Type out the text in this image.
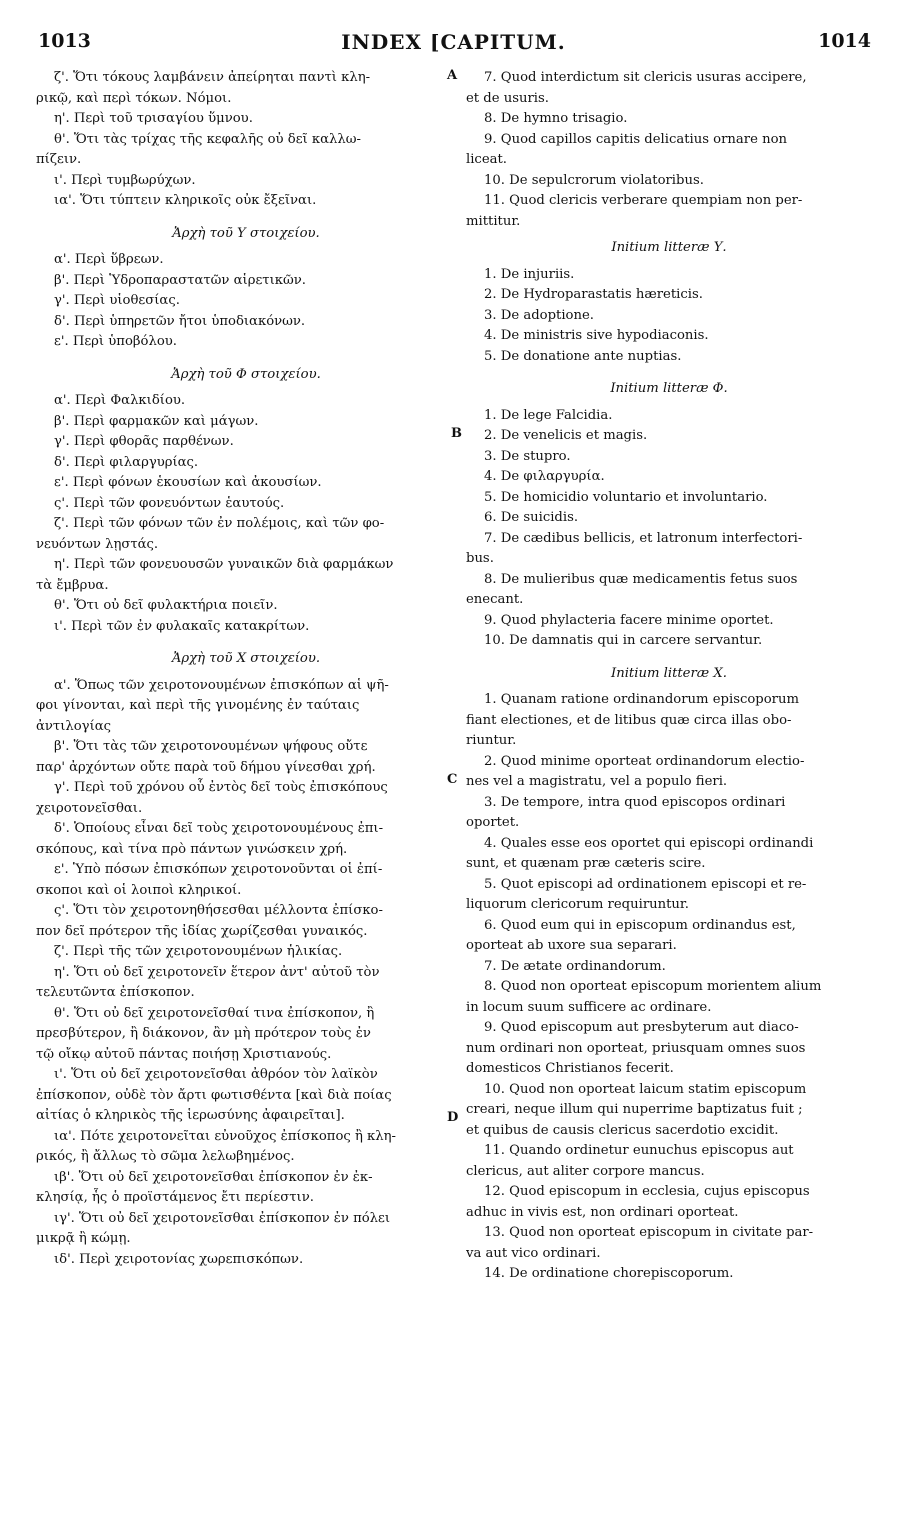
1013	INDEX [CAPITUM.	1014
A
B
C
D
ζ'. Ὅτι τόκους λαμβάνειν ἀπείρηται παντὶ κλη-
ρικῷ, καὶ περὶ τόκων. Νόμοι.
η'. Περὶ τοῦ τρισαγίου ὕμνου.
θ'. Ὅτι τὰς τρίχας τῆς κεφαλῆς οὐ δεῖ καλλω-
πίζειν.
ι'. Περὶ τυμβωρύχων.
ια'. Ὅτι τύπτειν κληρικοῖς οὐκ ἔξεῖναι.
Ἀρχὴ τοῦ Υ στοιχείου.
α'. Περὶ ὕβρεων.
β'. Περὶ Ὑδροπαραστατῶν αἱρετικῶν.
γ'. Περὶ υἱοθεσίας.
δ'. Περὶ ὑπηρετῶν ἤτοι ὑποδιακόνων.
ε'. Περὶ ὑποβόλου.
Ἀρχὴ τοῦ Φ στοιχείου.
α'. Περὶ Φαλκιδίου.
β'. Περὶ φαρμακῶν καὶ μάγων.
γ'. Περὶ φθορᾶς παρθένων.
δ'. Περὶ φιλαργυρίας.
ε'. Περὶ φόνων ἑκουσίων καὶ ἀκουσίων.
ς'. Περὶ τῶν φονευόντων ἑαυτούς.
ζ'. Περὶ τῶν φόνων τῶν ἐν πολέμοις, καὶ τῶν φο-
νευόντων λῃστάς.
η'. Περὶ τῶν φονευουσῶν γυναικῶν διὰ φαρμάκων
τὰ ἔμβρυα.
θ'. Ὅτι οὐ δεῖ φυλακτήρια ποιεῖν.
ι'. Περὶ τῶν ἐν φυλακαῖς κατακρίτων.
Ἀρχὴ τοῦ Χ στοιχείου.
α'. Ὅπως τῶν χειροτονουμένων ἐπισκόπων αἱ ψῆ-
φοι γίνονται, καὶ περὶ τῆς γινομένης ἐν ταύταις
ἀντιλογίας
β'. Ὅτι τὰς τῶν χειροτονουμένων ψήφους οὔτε
παρ' ἀρχόντων οὔτε παρὰ τοῦ δήμου γίνεσθαι χρή.
γ'. Περὶ τοῦ χρόνου οὗ ἐντὸς δεῖ τοὺς ἐπισκόπους
χειροτονεῖσθαι.
δ'. Ὁποίους εἶναι δεῖ τοὺς χειροτονουμένους ἐπι-
σκόπους, καὶ τίνα πρὸ πάντων γινώσκειν χρή.
ε'. Ὑπὸ πόσων ἐπισκόπων χειροτονοῦνται οἱ ἐπί-
σκοποι καὶ οἱ λοιποὶ κληρικοί.
ς'. Ὅτι τὸν χειροτονηθήσεσθαι μέλλοντα ἐπίσκο-
πον δεῖ πρότερον τῆς ἰδίας χωρίζεσθαι γυναικός.
ζ'. Περὶ τῆς τῶν χειροτονουμένων ἡλικίας.
η'. Ὅτι οὐ δεῖ χειροτονεῖν ἕτερον ἀντ' αὐτοῦ τὸν
τελευτῶντα ἐπίσκοπον.
θ'. Ὅτι οὐ δεῖ χειροτονεῖσθαί τινα ἐπίσκοπον, ἢ
πρεσβύτερον, ἢ διάκονον, ἂν μὴ πρότερον τοὺς ἐν
τῷ οἴκῳ αὐτοῦ πάντας ποιήσῃ Χριστιανούς.
ι'. Ὅτι οὐ δεῖ χειροτονεῖσθαι ἀθρόον τὸν λαϊκὸν
ἐπίσκοπον, οὐδὲ τὸν ἄρτι φωτισθέντα [καὶ διὰ ποίας
αἰτίας ὁ κληρικὸς τῆς ἱερωσύνης ἀφαιρεῖται].
ια'. Πότε χειροτονεῖται εὐνοῦχος ἐπίσκοπος ἢ κλη-
ρικός, ἢ ἄλλως τὸ σῶμα λελωβημένος.
ιβ'. Ὅτι οὐ δεῖ χειροτονεῖσθαι ἐπίσκοπον ἐν ἐκ-
κλησίᾳ, ἧς ὁ προϊστάμενος ἔτι περίεστιν.
ιγ'. Ὅτι οὐ δεῖ χειροτονεῖσθαι ἐπίσκοπον ἐν πόλει
μικρᾷ ἢ κώμῃ.
ιδ'. Περὶ χειροτονίας χωρεπισκόπων.
7. Quod interdictum sit clericis usuras accipere,
et de usuris.
8. De hymno trisagio.
9. Quod capillos capitis delicatius ornare non
liceat.
10. De sepulcrorum violatoribus.
11. Quod clericis verberare quempiam non per-
mittitur.
Initium litteræ Υ.
1. De injuriis.
2. De Hydroparastatis hæreticis.
3. De adoptione.
4. De ministris sive hypodiaconis.
5. De donatione ante nuptias.
Initium litteræ Φ.
1. De lege Falcidia.
2. De venelicis et magis.
3. De stupro.
4. De φιλαργυρία.
5. De homicidio voluntario et involuntario.
6. De suicidis.
7. De cædibus bellicis, et latronum interfectori-
bus.
8. De mulieribus quæ medicamentis fetus suos
enecant.
9. Quod phylacteria facere minime oportet.
10. De damnatis qui in carcere servantur.
Initium litteræ X.
1. Quanam ratione ordinandorum episcoporum
fiant electiones, et de litibus quæ circa illas obo-
riuntur.
2. Quod minime oporteat ordinandorum electio-
nes vel a magistratu, vel a populo fieri.
3. De tempore, intra quod episcopos ordinari
oportet.
4. Quales esse eos oportet qui episcopi ordinandi
sunt, et quænam præ cæteris scire.
5. Quot episcopi ad ordinationem episcopi et re-
liquorum clericorum requiruntur.
6. Quod eum qui in episcopum ordinandus est,
oporteat ab uxore sua separari.
7. De ætate ordinandorum.
8. Quod non oporteat episcopum morientem alium
in locum suum sufficere ac ordinare.
9. Quod episcopum aut presbyterum aut diaco-
num ordinari non oporteat, priusquam omnes suos
domesticos Christianos fecerit.
10. Quod non oporteat laicum statim episcopum
creari, neque illum qui nuperrime baptizatus fuit ;
et quibus de causis clericus sacerdotio excidit.
11. Quando ordinetur eunuchus episcopus aut
clericus, aut aliter corpore mancus.
12. Quod episcopum in ecclesia, cujus episcopus
adhuc in vivis est, non ordinari oporteat.
13. Quod non oporteat episcopum in civitate par-
va aut vico ordinari.
14. De ordinatione chorepiscoporum.
